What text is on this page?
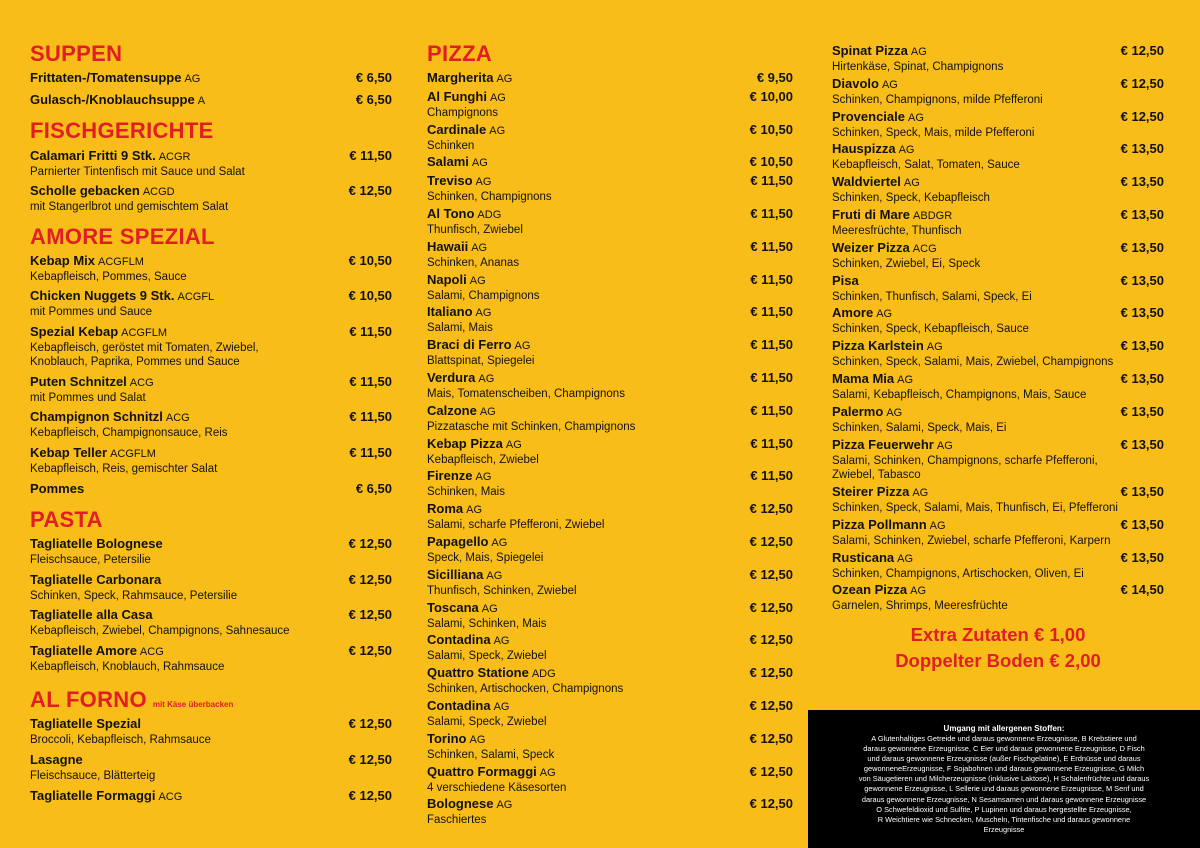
SUPPEN
Frittaten-/Tomatensuppe AG	€ 6,50
Gulasch-/Knoblauchsuppe A	€ 6,50
FISCHGERICHTE
Calamari Fritti 9 Stk. ACGR	€ 11,50
Parnierter Tintenfisch mit Sauce und Salat
Scholle gebacken ACGD	€ 12,50
mit Stangerlbrot und gemischtem Salat
AMORE SPEZIAL
Kebap Mix ACGFLM	€ 10,50
Kebapfleisch, Pommes, Sauce
Chicken Nuggets 9 Stk. ACGFL	€ 10,50
mit Pommes und Sauce
Spezial Kebap ACGFLM	€ 11,50
Kebapfleisch, geröstet mit Tomaten, Zwiebel,
Knoblauch, Paprika, Pommes und Sauce
Puten Schnitzel ACG	€ 11,50
mit Pommes und Salat
Champignon Schnitzl ACG	€ 11,50
Kebapfleisch, Champignonsauce, Reis
Kebap Teller ACGFLM	€ 11,50
Kebapfleisch, Reis, gemischter Salat
Pommes	€ 6,50
PASTA
Tagliatelle Bolognese	€ 12,50
Fleischsauce, Petersilie
Tagliatelle Carbonara	€ 12,50
Schinken, Speck, Rahmsauce, Petersilie
Tagliatelle alla Casa	€ 12,50
Kebapfleisch, Zwiebel, Champignons, Sahnesauce
Tagliatelle Amore ACG	€ 12,50
Kebapfleisch, Knoblauch, Rahmsauce
AL FORNO mit Käse überbacken
Tagliatelle Spezial	€ 12,50
Broccoli, Kebapfleisch, Rahmsauce
Lasagne	€ 12,50
Fleischsauce, Blätterteig
Tagliatelle Formaggi ACG	€ 12,50
PIZZA
Margherita AG	€ 9,50
Al Funghi AG	€ 10,00
Champignons
Cardinale AG	€ 10,50
Schinken
Salami AG	€ 10,50
Treviso AG	€ 11,50
Schinken, Champignons
Al Tono ADG	€ 11,50
Thunfisch, Zwiebel
Hawaii AG	€ 11,50
Schinken, Ananas
Napoli AG	€ 11,50
Salami, Champignons
Italiano AG	€ 11,50
Salami, Mais
Braci di Ferro AG	€ 11,50
Blattspinat, Spiegelei
Verdura AG	€ 11,50
Mais, Tomatenscheiben, Champignons
Calzone AG	€ 11,50
Pizzatasche mit Schinken, Champignons
Kebap Pizza AG	€ 11,50
Kebapfleisch, Zwiebel
Firenze AG	€ 11,50
Schinken, Mais
Roma AG	€ 12,50
Salami, scharfe Pfefferoni, Zwiebel
Papagello AG	€ 12,50
Speck, Mais, Spiegelei
Sicilliana AG	€ 12,50
Thunfisch, Schinken, Zwiebel
Toscana AG	€ 12,50
Salami, Schinken, Mais
Contadina AG	€ 12,50
Salami, Speck, Zwiebel
Quattro Statione ADG	€ 12,50
Schinken, Artischocken, Champignons
Contadina AG	€ 12,50
Salami, Speck, Zwiebel
Torino AG	€ 12,50
Schinken, Salami, Speck
Quattro Formaggi AG	€ 12,50
4 verschiedene Käsesorten
Bolognese AG	€ 12,50
Faschiertes
Spinat Pizza AG	€ 12,50
Hirtenkäse, Spinat, Champignons
Diavolo AG	€ 12,50
Schinken, Champignons, milde Pfefferoni
Provenciale AG	€ 12,50
Schinken, Speck, Mais, milde Pfefferoni
Hauspizza AG	€ 13,50
Kebapfleisch, Salat, Tomaten, Sauce
Waldviertel AG	€ 13,50
Schinken, Speck, Kebapfleisch
Fruti di Mare ABDGR	€ 13,50
Meeresfrüchte, Thunfisch
Weizer Pizza ACG	€ 13,50
Schinken, Zwiebel, Ei, Speck
Pisa	€ 13,50
Schinken, Thunfisch, Salami, Speck, Ei
Amore AG	€ 13,50
Schinken, Speck, Kebapfleisch, Sauce
Pizza Karlstein AG	€ 13,50
Schinken, Speck, Salami, Mais, Zwiebel, Champignons
Mama Mia AG	€ 13,50
Salami, Kebapfleisch, Champignons, Mais, Sauce
Palermo AG	€ 13,50
Schinken, Salami, Speck, Mais, Ei
Pizza Feuerwehr AG	€ 13,50
Salami, Schinken, Champignons, scharfe Pfefferoni,
Zwiebel, Tabasco
Steirer Pizza AG	€ 13,50
Schinken, Speck, Salami, Mais, Thunfisch, Ei, Pfefferoni
Pizza Pollmann AG	€ 13,50
Salami, Schinken, Zwiebel, scharfe Pfefferoni, Karpern
Rusticana AG	€ 13,50
Schinken, Champignons, Artischocken, Oliven, Ei
Ozean Pizza AG	€ 14,50
Garnelen, Shrimps, Meeresfrüchte
Extra Zutaten € 1,00
Doppelter Boden € 2,00
Umgang mit allergenen Stoffen:
A Glutenhaltiges Getreide und daraus gewonnene Erzeugnisse, B Krebstiere und
daraus gewonnene Erzeugnisse, C Eier und daraus gewonnene Erzeugnisse, D Fisch
und daraus gewonnene Erzeugnisse (außer Fischgelatine), E Erdnüsse und daraus
gewonneneErzeugnisse, F Sojabohnen und daraus gewonnene Erzeugnisse, G Milch
von Säugetieren und Milcherzeugnisse (inklusive Laktose), H Schalenfrüchte und daraus
gewonnene Erzeugnisse, L Sellerie und daraus gewonnene Erzeugnisse, M Senf und
daraus gewonnene Erzeugnisse, N Sesamsamen und daraus gewonnene Erzeugnisse
O Schwefeldioxid und Sulfite, P Lupinen und daraus hergestellte Erzeugnisse,
R Weichtiere wie Schnecken, Muscheln, Tintenfische und daraus gewonnene
Erzeugnisse
